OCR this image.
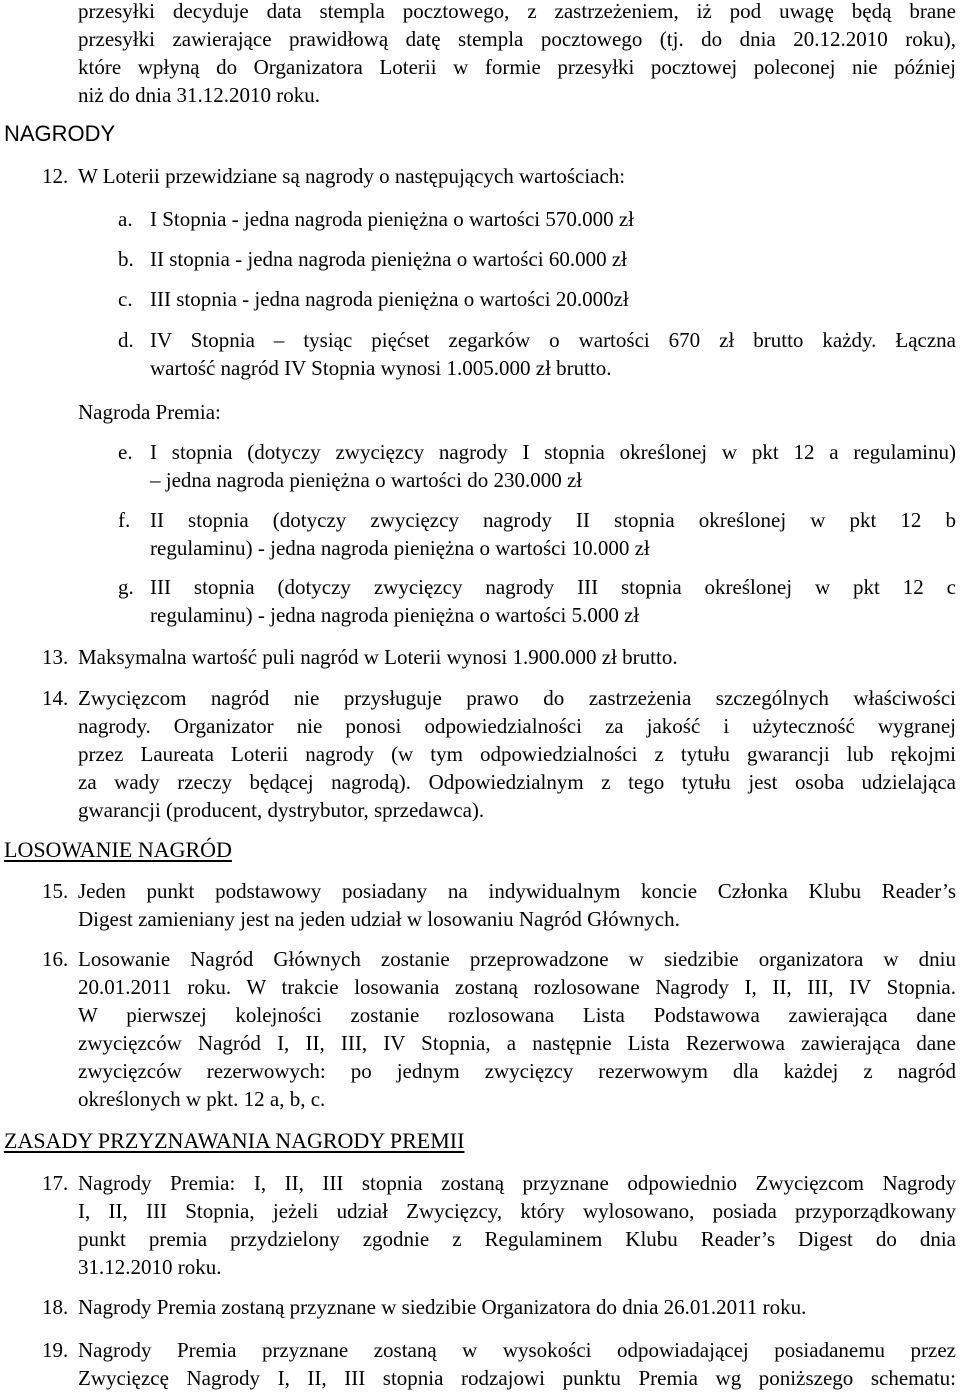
przesyłki decyduje data stempla pocztowego, z zastrzeżeniem, iż pod uwagę będą brane
przesyłki zawierające prawidłową datę stempla pocztowego (tj. do dnia 20.12.2010 roku),
które wpłyną do Organizatora Loterii w formie przesyłki pocztowej poleconej nie później
niż do dnia 31.12.2010 roku.
NAGRODY
12. W Loterii przewidziane są nagrody o następujących wartościach:
a. I Stopnia - jedna nagroda pieniężna o wartości 570.000 zł
b. II stopnia - jedna nagroda pieniężna o wartości 60.000 zł
c. III stopnia - jedna nagroda pieniężna o wartości 20.000zł
d. IV Stopnia – tysiąc pięćset zegarków o wartości 670 zł brutto każdy. Łączna
wartość nagród IV Stopnia wynosi 1.005.000 zł brutto.
Nagroda Premia:
e. I stopnia (dotyczy zwycięzcy nagrody I stopnia określonej w pkt 12 a regulaminu)
– jedna nagroda pieniężna o wartości do 230.000 zł
f. II stopnia (dotyczy zwycięzcy nagrody II stopnia określonej w pkt 12 b
regulaminu) - jedna nagroda pieniężna o wartości 10.000 zł
g. III stopnia (dotyczy zwycięzcy nagrody III stopnia określonej w pkt 12 c
regulaminu) - jedna nagroda pieniężna o wartości 5.000 zł
13. Maksymalna wartość puli nagród w Loterii wynosi 1.900.000 zł brutto.
14. Zwycięzcom nagród nie przysługuje prawo do zastrzeżenia szczególnych właściwości
nagrody. Organizator nie ponosi odpowiedzialności za jakość i użyteczność wygranej
przez Laureata Loterii nagrody (w tym odpowiedzialności z tytułu gwarancji lub rękojmi
za wady rzeczy będącej nagrodą). Odpowiedzialnym z tego tytułu jest osoba udzielająca
gwarancji (producent, dystrybutor, sprzedawca).
LOSOWANIE NAGRÓD
15. Jeden punkt podstawowy posiadany na indywidualnym koncie Członka Klubu Reader’s
Digest zamieniany jest na jeden udział w losowaniu Nagród Głównych.
16. Losowanie Nagród Głównych zostanie przeprowadzone w siedzibie organizatora w dniu
20.01.2011 roku. W trakcie losowania zostaną rozlosowane Nagrody I, II, III, IV Stopnia.
W pierwszej kolejności zostanie rozlosowana Lista Podstawowa zawierająca dane
zwycięzców Nagród I, II, III, IV Stopnia, a następnie Lista Rezerwowa zawierająca dane
zwycięzców rezerwowych: po jednym zwycięzcy rezerwowym dla każdej z nagród
określonych w pkt. 12 a, b, c.
ZASADY PRZYZNAWANIA NAGRODY PREMII
17. Nagrody Premia: I, II, III stopnia zostaną przyznane odpowiednio Zwycięzcom Nagrody
I, II, III Stopnia, jeżeli udział Zwycięzcy, który wylosowano, posiada przyporządkowany
punkt premia przydzielony zgodnie z Regulaminem Klubu Reader’s Digest do dnia
31.12.2010 roku.
18. Nagrody Premia zostaną przyznane w siedzibie Organizatora do dnia 26.01.2011 roku.
19. Nagrody Premia przyznane zostaną w wysokości odpowiadającej posiadanemu przez
Zwycięzcę Nagrody I, II, III stopnia rodzajowi punktu Premia wg poniższego schematu:
